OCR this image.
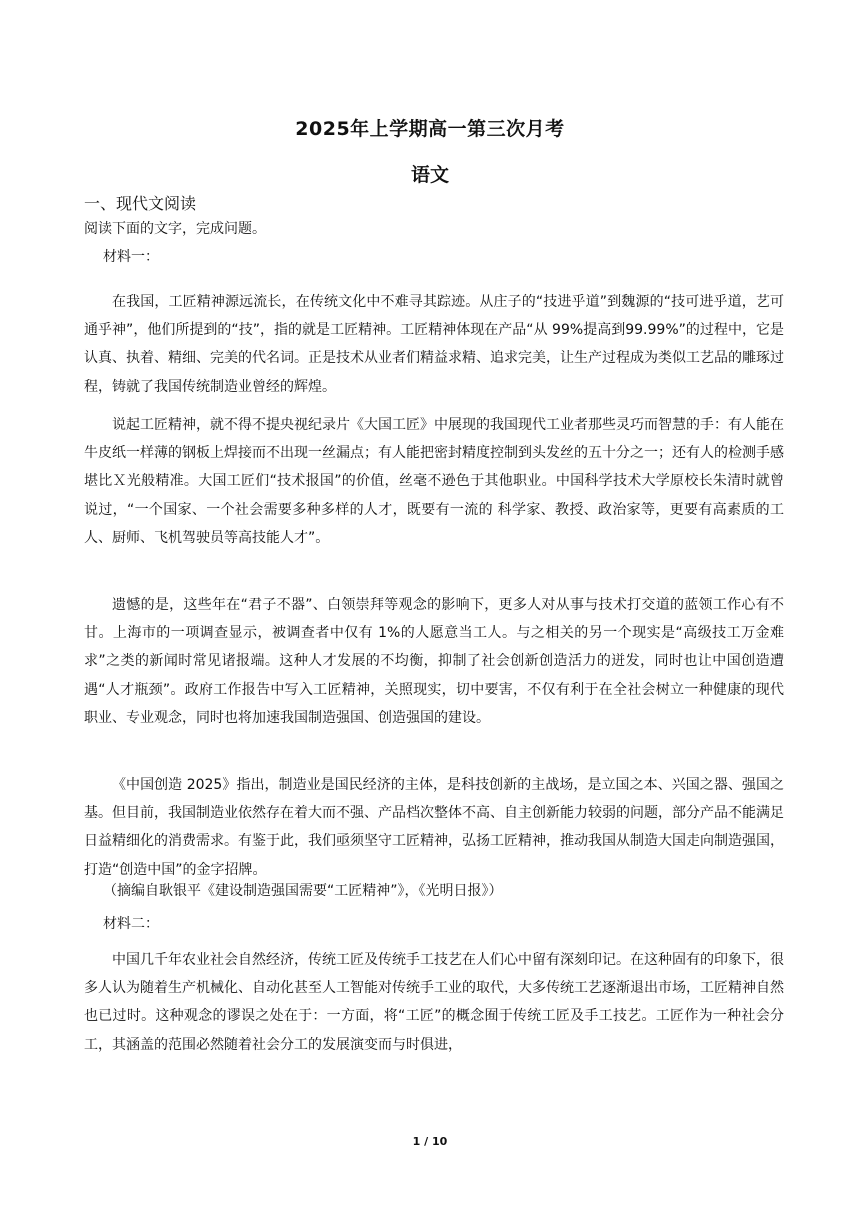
2025年上学期高一第三次月考
语文
一、现代文阅读
阅读下面的文字，完成问题。
材料一：

在我国，工匠精神源远流长，在传统文化中不难寻其踪迹。从庄子的“技进乎道”到魏源的“技可进乎道，艺可通乎神”，他们所提到的“技”，指的就是工匠精神。工匠精神体现在产品“从 99%提高到99.99%”的过程中，它是认真、执着、精细、完美的代名词。正是技术从业者们精益求精、追求完美，让生产过程成为类似工艺品的雕琢过程，铸就了我国传统制造业曾经的辉煌。

说起工匠精神，就不得不提央视纪录片《大国工匠》中展现的我国现代工业者那些灵巧而智慧的手：有人能在牛皮纸一样薄的钢板上焊接而不出现一丝漏点；有人能把密封精度控制到头发丝的五十分之一；还有人的检测手感堪比Ｘ光般精准。大国工匠们“技术报国”的价值，丝毫不逊色于其他职业。中国科学技术大学原校长朱清时就曾说过，“一个国家、一个社会需要多种多样的人才，既要有一流的 科学家、教授、政治家等，更要有高素质的工人、厨师、飞机驾驶员等高技能人才”。

遗憾的是，这些年在“君子不器”、白领崇拜等观念的影响下，更多人对从事与技术打交道的蓝领工作心有不甘。上海市的一项调查显示，被调查者中仅有 1%的人愿意当工人。与之相关的另一个现实是“高级技工万金难求”之类的新闻时常见诸报端。这种人才发展的不均衡，抑制了社会创新创造活力的迸发，同时也让中国创造遭遇“人才瓶颈”。政府工作报告中写入工匠精神，关照现实，切中要害，不仅有利于在全社会树立一种健康的现代职业、专业观念，同时也将加速我国制造强国、创造强国的建设。

《中国创造 2025》指出，制造业是国民经济的主体，是科技创新的主战场，是立国之本、兴国之器、强国之基。但目前，我国制造业依然存在着大而不强、产品档次整体不高、自主创新能力较弱的问题，部分产品不能满足日益精细化的消费需求。有鉴于此，我们亟须坚守工匠精神，弘扬工匠精神，推动我国从制造大国走向制造强国，打造“创造中国”的金字招牌。

（摘编自耿银平《建设制造强国需要“工匠精神”》，《光明日报》）
材料二：

中国几千年农业社会自然经济，传统工匠及传统手工技艺在人们心中留有深刻印记。在这种固有的印象下，很多人认为随着生产机械化、自动化甚至人工智能对传统手工业的取代，大多传统工艺逐渐退出市场，工匠精神自然也已过时。这种观念的谬误之处在于：一方面，将“工匠”的概念囿于传统工匠及手工技艺。工匠作为一种社会分工，其涵盖的范围必然随着社会分工的发展演变而与时俱进，

1 / 10
